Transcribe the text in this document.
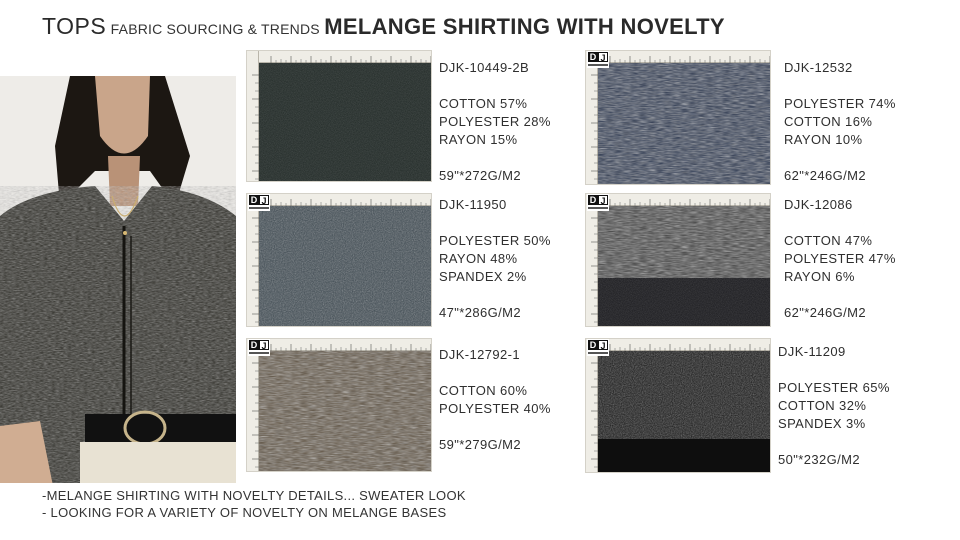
TOPS FABRIC SOURCING & TRENDS MELANGE SHIRTING WITH NOVELTY
DJK-10449-2B
COTTON 57%
POLYESTER 28%
RAYON 15%
59"*272G/M2
D J
DJK-12532
POLYESTER 74%
COTTON 16%
RAYON 10%
62"*246G/M2
D J	DJK-11950
POLYESTER 50%
RAYON 48%
SPANDEX 2%
47"*286G/M2
D J	DJK-12086
COTTON 47%
POLYESTER 47%
RAYON 6%
62"*246G/M2
D J
DJK-12792-1
COTTON 60%
POLYESTER 40%
59"*279G/M2
D J	DJK-11209
POLYESTER 65%
COTTON 32%
SPANDEX 3%
50"*232G/M2
-MELANGE SHIRTING WITH NOVELTY DETAILS... SWEATER LOOK
- LOOKING FOR A VARIETY OF NOVELTY ON MELANGE BASES
